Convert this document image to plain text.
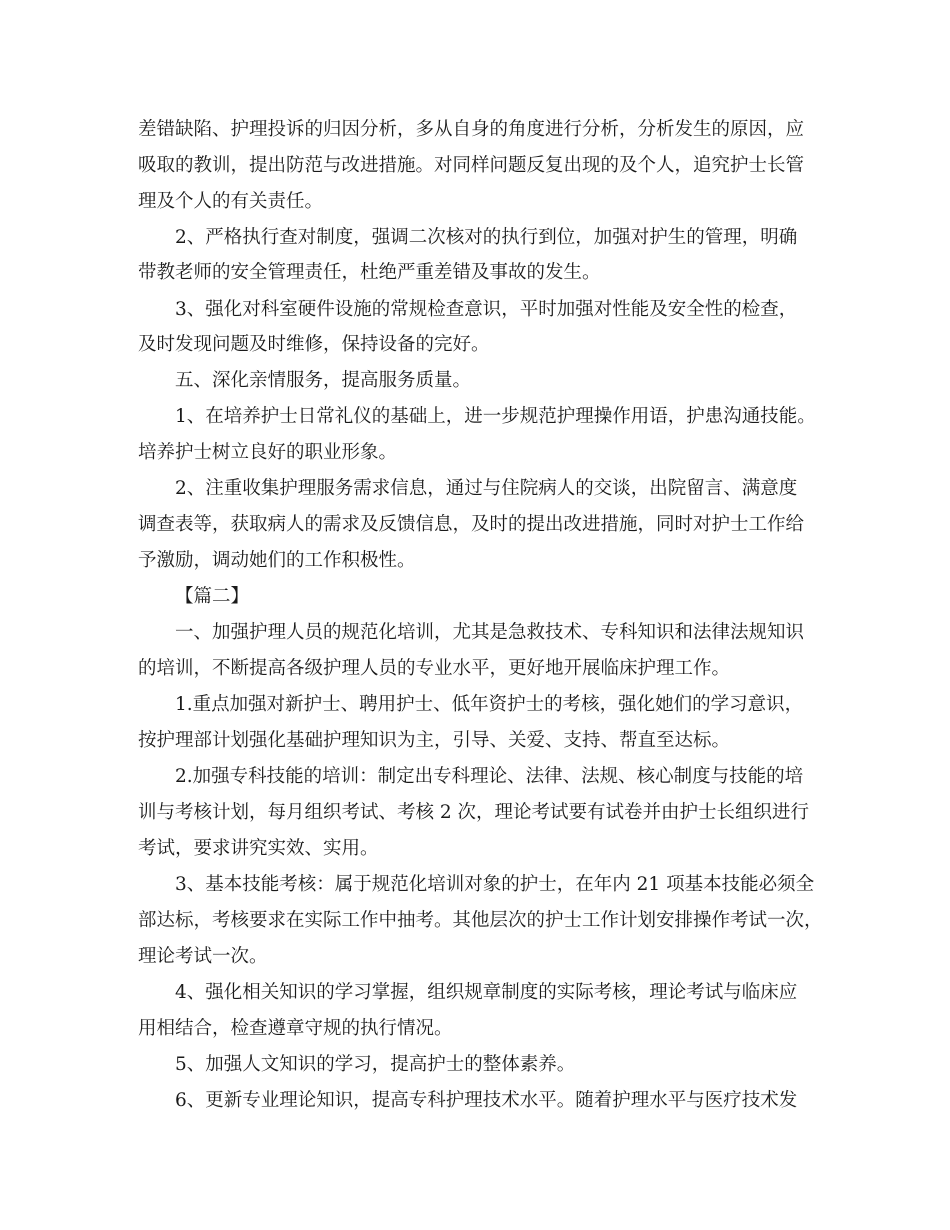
差错缺陷、护理投诉的归因分析，多从自身的角度进行分析，分析发生的原因，应

吸取的教训，提出防范与改进措施。对同样问题反复出现的及个人，追究护士长管

理及个人的有关责任。

2、严格执行查对制度，强调二次核对的执行到位，加强对护生的管理，明确

带教老师的安全管理责任，杜绝严重差错及事故的发生。

3、强化对科室硬件设施的常规检查意识，平时加强对性能及安全性的检查，

及时发现问题及时维修，保持设备的完好。

五、深化亲情服务，提高服务质量。

1、在培养护士日常礼仪的基础上，进一步规范护理操作用语，护患沟通技能。

培养护士树立良好的职业形象。

2、注重收集护理服务需求信息，通过与住院病人的交谈，出院留言、满意度

调查表等，获取病人的需求及反馈信息，及时的提出改进措施，同时对护士工作给

予激励，调动她们的工作积极性。

【篇二】

一、加强护理人员的规范化培训，尤其是急救技术、专科知识和法律法规知识

的培训，不断提高各级护理人员的专业水平，更好地开展临床护理工作。

1.重点加强对新护士、聘用护士、低年资护士的考核，强化她们的学习意识，

按护理部计划强化基础护理知识为主，引导、关爱、支持、帮直至达标。

2.加强专科技能的培训：制定出专科理论、法律、法规、核心制度与技能的培

训与考核计划，每月组织考试、考核 2 次，理论考试要有试卷并由护士长组织进行

考试，要求讲究实效、实用。

3、基本技能考核：属于规范化培训对象的护士，在年内 21 项基本技能必须全

部达标，考核要求在实际工作中抽考。其他层次的护士工作计划安排操作考试一次，

理论考试一次。

4、强化相关知识的学习掌握，组织规章制度的实际考核，理论考试与临床应

用相结合，检查遵章守规的执行情况。

5、加强人文知识的学习，提高护士的整体素养。

6、更新专业理论知识，提高专科护理技术水平。随着护理水平与医疗技术发
